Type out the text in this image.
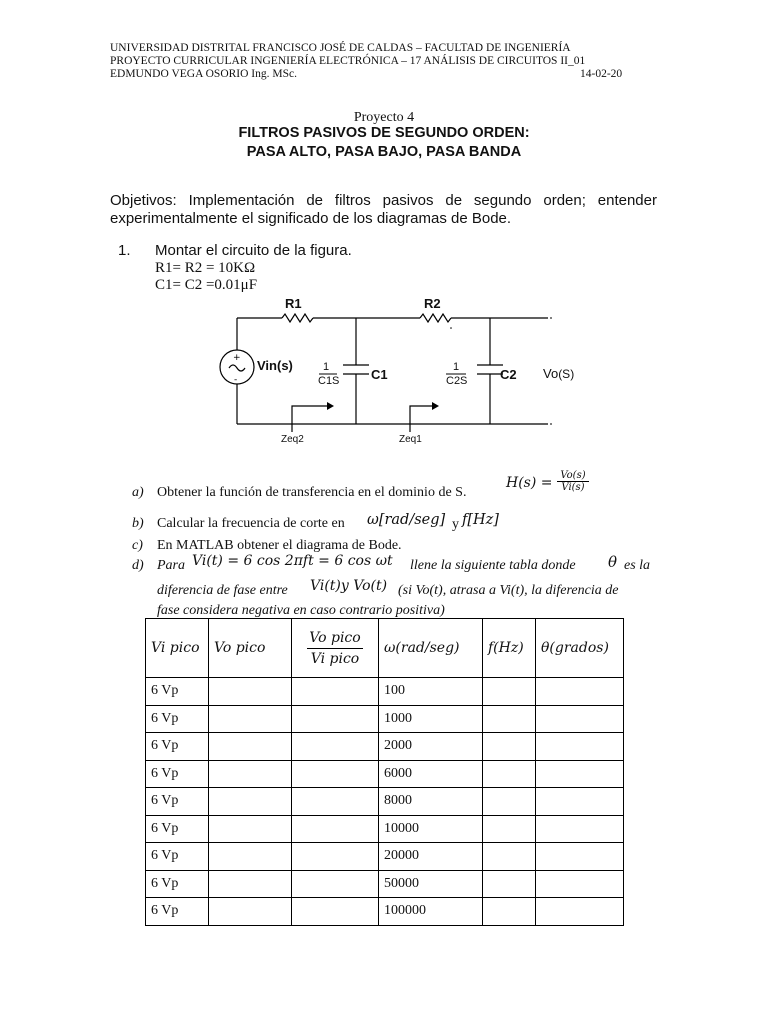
UNIVERSIDAD DISTRITAL FRANCISCO JOSÉ DE CALDAS – FACULTAD DE INGENIERÍA
PROYECTO CURRICULAR INGENIERÍA ELECTRÓNICA – 17 ANÁLISIS DE CIRCUITOS II_01
EDMUNDO VEGA OSORIO Ing. MSc.	14-02-20
Proyecto 4
FILTROS PASIVOS DE SEGUNDO ORDEN:
PASA ALTO, PASA BAJO, PASA BANDA
Objetivos: Implementación de filtros pasivos de segundo orden; entender experimentalmente el significado de los diagramas de Bode.
1. Montar el circuito de la figura.
R1= R2 = 10KΩ
C1= C2 =0.01μF
+
-
R1	R2
Vin(s)	1
C1S C1	1
C2S	C2 Vo(S)
Zeq2	Zeq1
a) Obtener la función de transferencia en el dominio de S.
$H(s) = \frac{Vo(s)}{Vi(s)}$
b) Calcular la frecuencia de corte en ω[rad/seg] y f[Hz]
c) En MATLAB obtener el diagrama de Bode.
d) Para Vi(t) = 6 cos 2πft = 6 cos ωt llene la siguiente tabla donde θ es la
diferencia de fase entre Vi(t)y Vo(t) (si Vo(t), atrasa a Vi(t), la diferencia de
fase considera negativa en caso contrario positiva)
Vi pico	Vo pico	$\frac{\text{Vo pico}}{\text{Vi pico}}$	ω(rad/seg)	f(Hz)	θ(grados)
6 Vp			100		
6 Vp			1000		
6 Vp			2000		
6 Vp			6000		
6 Vp			8000		
6 Vp			10000		
6 Vp			20000		
6 Vp			50000		
6 Vp			100000		
